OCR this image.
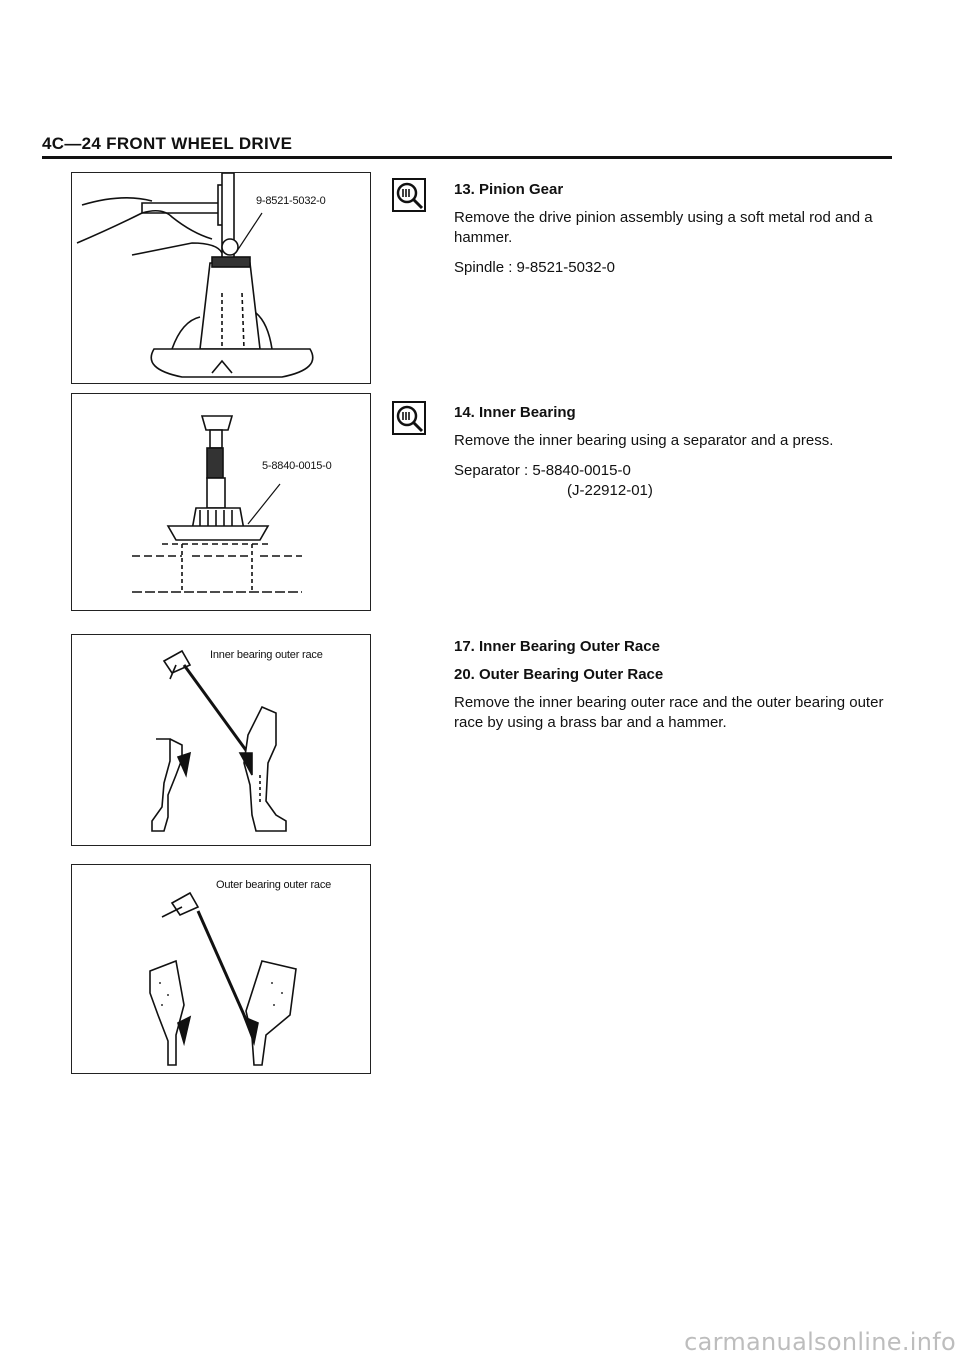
4C—24 FRONT WHEEL DRIVE
9-8521-5032-0
5-8840-0015-0
Inner bearing outer race
Outer bearing outer race
13. Pinion Gear
Remove the drive pinion assembly using a soft metal rod and a hammer.
Spindle : 9-8521-5032-0
14. Inner Bearing
Remove the inner bearing using a separator and a press.
Separator : 5-8840-0015-0
(J-22912-01)
17. Inner Bearing Outer Race
20. Outer Bearing Outer Race
Remove the inner bearing outer race and the outer bearing outer race by using a brass bar and a hammer.
carmanualsonline.info
